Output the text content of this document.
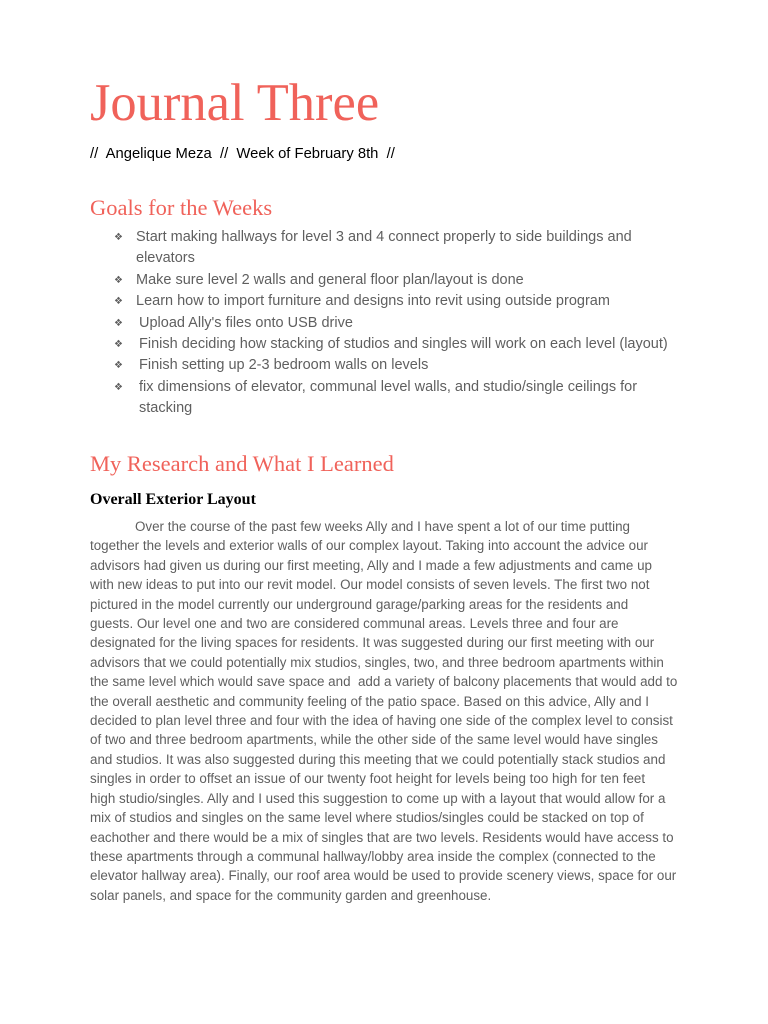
Journal Three
//  Angelique Meza  //  Week of February 8th  //
Goals for the Weeks
❖ Start making hallways for level 3 and 4 connect properly to side buildings and elevators
❖ Make sure level 2 walls and general floor plan/layout is done
❖ Learn how to import furniture and designs into revit using outside program
❖ Upload Ally's files onto USB drive
❖ Finish deciding how stacking of studios and singles will work on each level (layout)
❖ Finish setting up 2-3 bedroom walls on levels
❖ fix dimensions of elevator, communal level walls, and studio/single ceilings for stacking
My Research and What I Learned
Overall Exterior Layout
Over the course of the past few weeks Ally and I have spent a lot of our time putting
together the levels and exterior walls of our complex layout. Taking into account the advice our
advisors had given us during our first meeting, Ally and I made a few adjustments and came up
with new ideas to put into our revit model. Our model consists of seven levels. The first two not
pictured in the model currently our underground garage/parking areas for the residents and
guests. Our level one and two are considered communal areas. Levels three and four are
designated for the living spaces for residents. It was suggested during our first meeting with our
advisors that we could potentially mix studios, singles, two, and three bedroom apartments within
the same level which would save space and  add a variety of balcony placements that would add to
the overall aesthetic and community feeling of the patio space. Based on this advice, Ally and I
decided to plan level three and four with the idea of having one side of the complex level to consist
of two and three bedroom apartments, while the other side of the same level would have singles
and studios. It was also suggested during this meeting that we could potentially stack studios and
singles in order to offset an issue of our twenty foot height for levels being too high for ten feet
high studio/singles. Ally and I used this suggestion to come up with a layout that would allow for a
mix of studios and singles on the same level where studios/singles could be stacked on top of
eachother and there would be a mix of singles that are two levels. Residents would have access to
these apartments through a communal hallway/lobby area inside the complex (connected to the
elevator hallway area). Finally, our roof area would be used to provide scenery views, space for our
solar panels, and space for the community garden and greenhouse.
